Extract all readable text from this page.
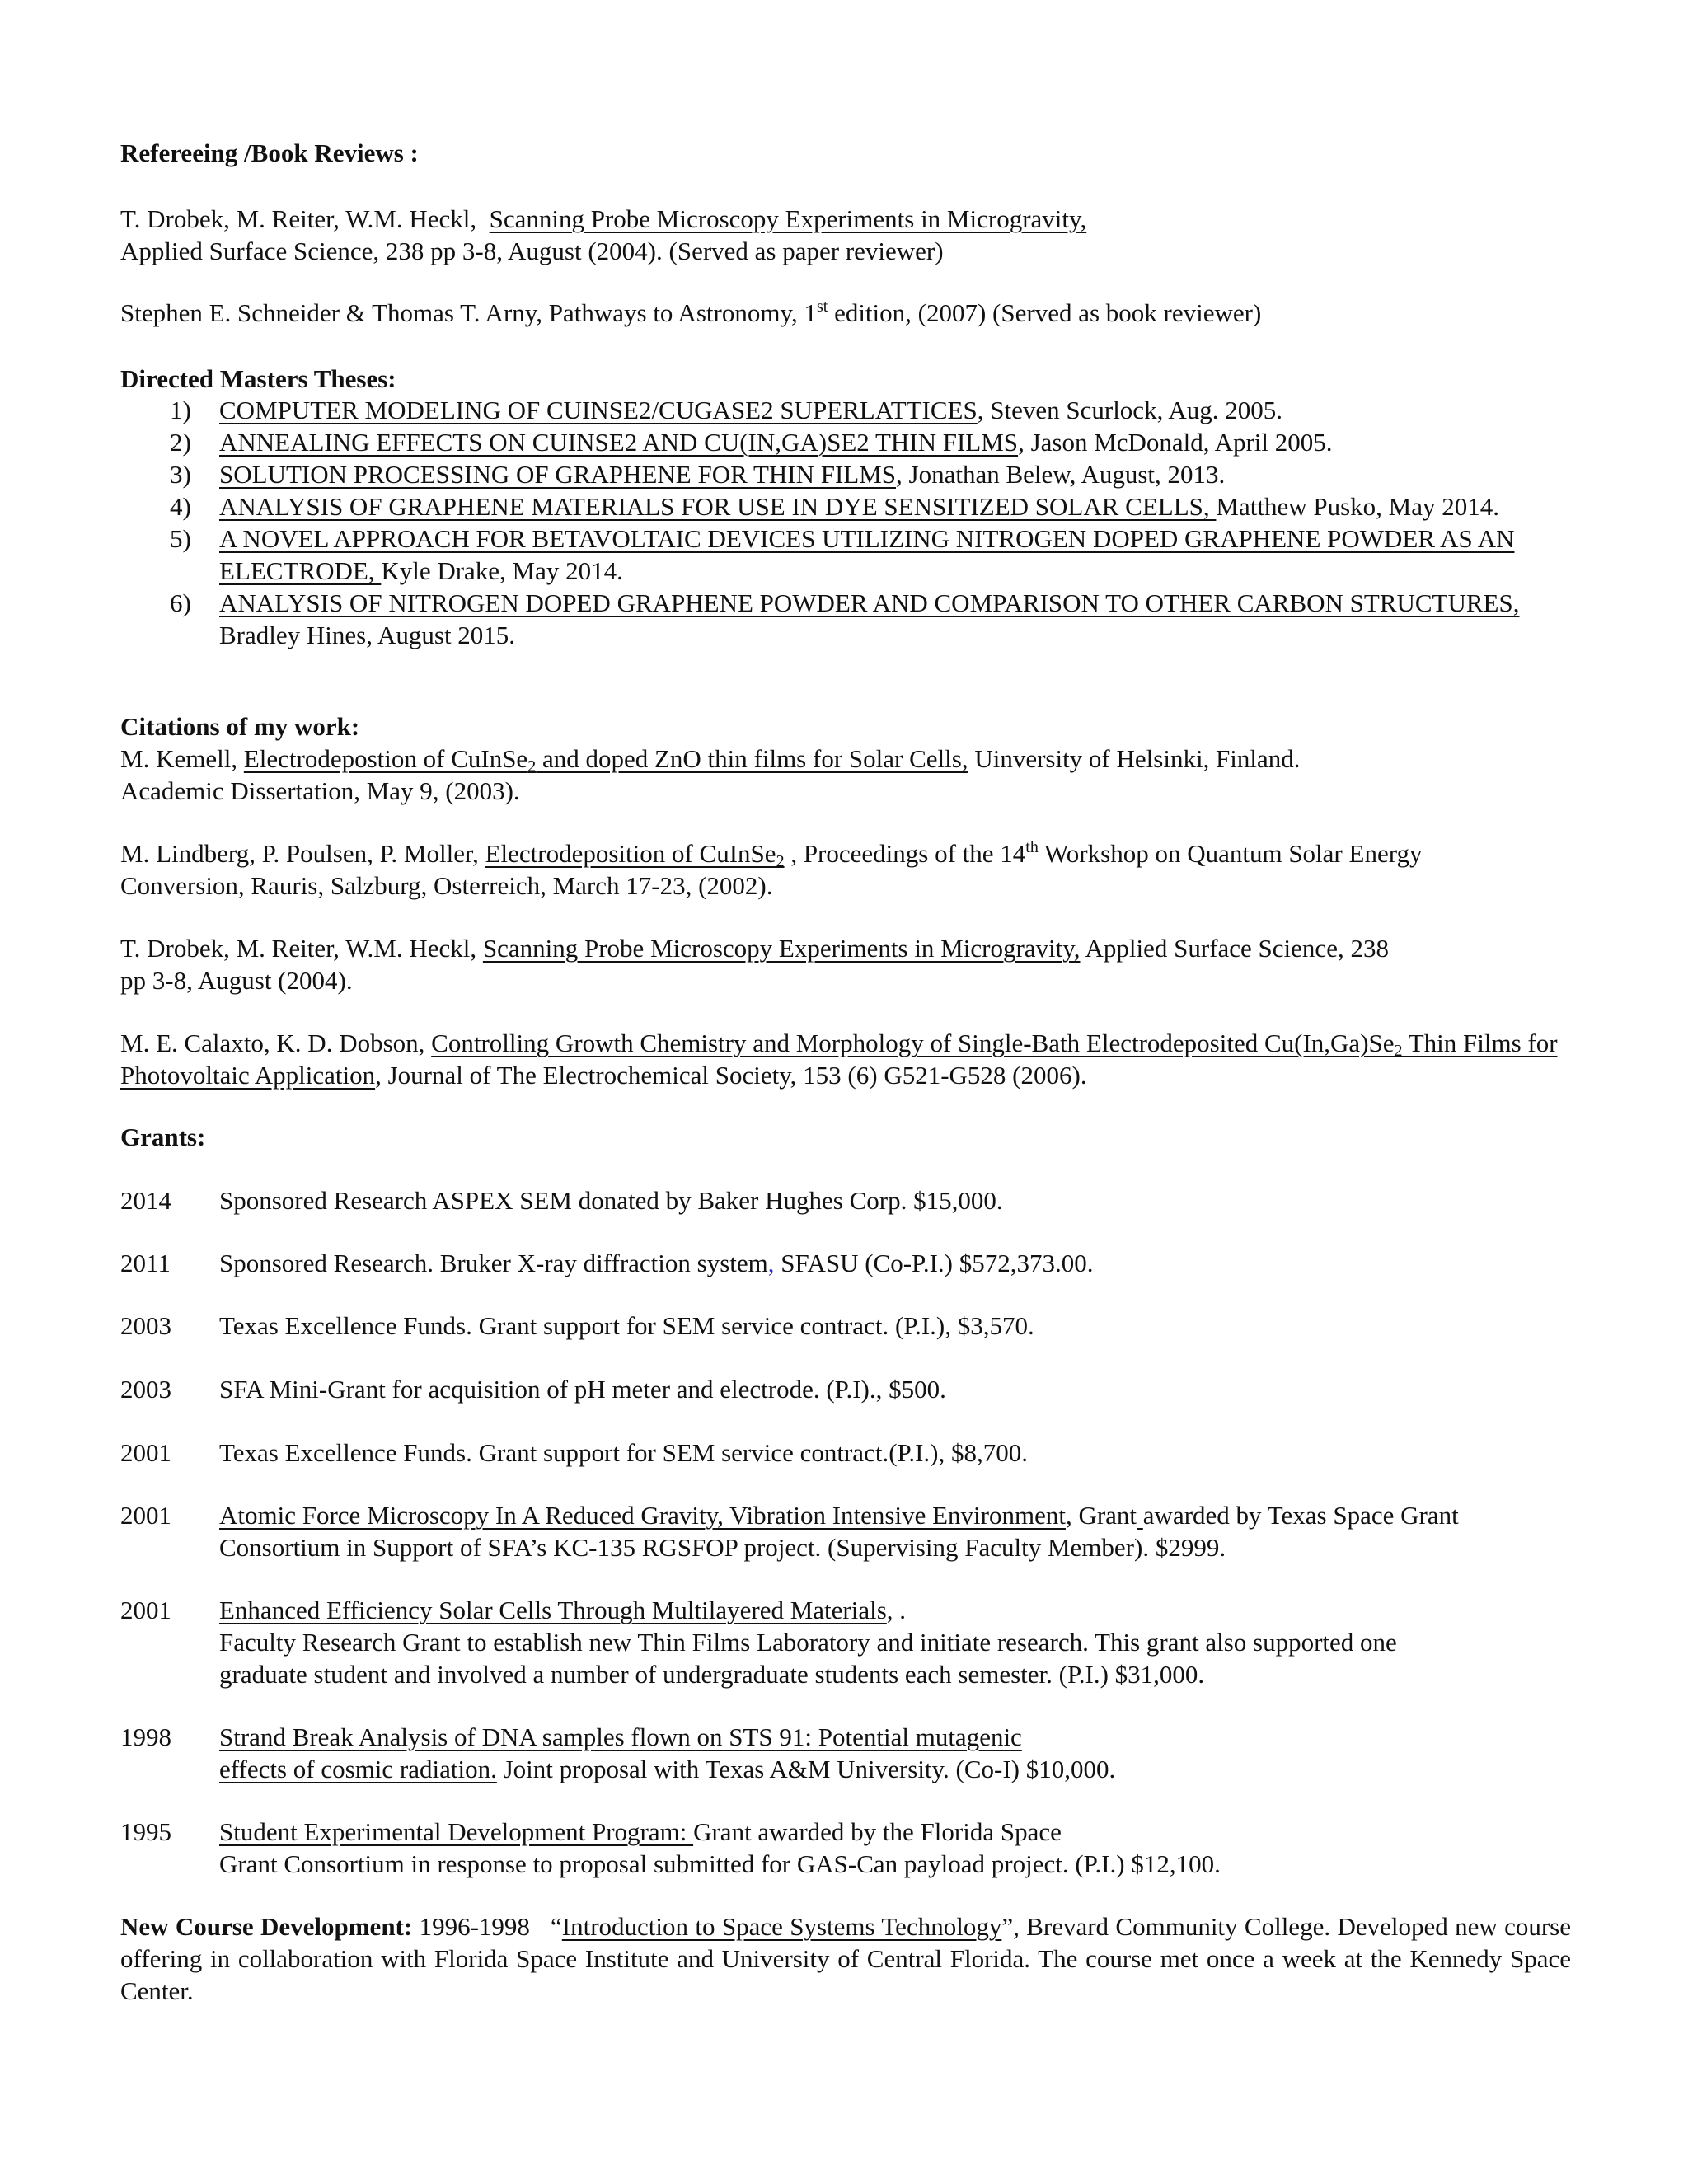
Refereeing /Book Reviews :
T. Drobek, M. Reiter, W.M. Heckl, Scanning Probe Microscopy Experiments in Microgravity,
Applied Surface Science, 238 pp 3-8, August (2004). (Served as paper reviewer)
Stephen E. Schneider & Thomas T. Arny, Pathways to Astronomy, 1st edition, (2007) (Served as book reviewer)
Directed Masters Theses:
1) COMPUTER MODELING OF CUINSE2/CUGASE2 SUPERLATTICES, Steven Scurlock, Aug. 2005.
2) ANNEALING EFFECTS ON CUINSE2 AND CU(IN,GA)SE2 THIN FILMS, Jason McDonald, April 2005.
3) SOLUTION PROCESSING OF GRAPHENE FOR THIN FILMS, Jonathan Belew, August, 2013.
4) ANALYSIS OF GRAPHENE MATERIALS FOR USE IN DYE SENSITIZED SOLAR CELLS, Matthew Pusko, May 2014.
5) A NOVEL APPROACH FOR BETAVOLTAIC DEVICES UTILIZING NITROGEN DOPED GRAPHENE POWDER AS AN ELECTRODE, Kyle Drake, May 2014.
6) ANALYSIS OF NITROGEN DOPED GRAPHENE POWDER AND COMPARISON TO OTHER CARBON STRUCTURES, Bradley Hines, August 2015.
Citations of my work:
M. Kemell, Electrodepostion of CuInSe$_2$ and doped ZnO thin films for Solar Cells, Uinversity of Helsinki, Finland.
Academic Dissertation, May 9, (2003).
M. Lindberg, P. Poulsen, P. Moller, Electrodeposition of CuInSe$_2$ , Proceedings of the 14th Workshop on Quantum Solar Energy
Conversion, Rauris, Salzburg, Osterreich, March 17-23, (2002).
T. Drobek, M. Reiter, W.M. Heckl, Scanning Probe Microscopy Experiments in Microgravity, Applied Surface Science, 238
pp 3-8, August (2004).
M. E. Calaxto, K. D. Dobson, Controlling Growth Chemistry and Morphology of Single-Bath Electrodeposited $Cu(In,Ga)Se_2$ Thin Films for Photovoltaic Application, Journal of The Electrochemical Society, 153 (6) G521-G528 (2006).
Grants:
2014 Sponsored Research ASPEX SEM donated by Baker Hughes Corp. $15,000.
2011 Sponsored Research. Bruker X-ray diffraction system, SFASU (Co-P.I.) $572,373.00.
2003 Texas Excellence Funds. Grant support for SEM service contract. (P.I.), $3,570.
2003 SFA Mini-Grant for acquisition of pH meter and electrode. (P.I)., $500.
2001 Texas Excellence Funds. Grant support for SEM service contract.(P.I.), $8,700.
2001 Atomic Force Microscopy In A Reduced Gravity, Vibration Intensive Environment, Grant awarded by Texas Space Grant
Consortium in Support of SFA’s KC-135 RGSFOP project. (Supervising Faculty Member). $2999.
2001 Enhanced Efficiency Solar Cells Through Multilayered Materials, .
Faculty Research Grant to establish new Thin Films Laboratory and initiate research. This grant also supported one
graduate student and involved a number of undergraduate students each semester. (P.I.) $31,000.
1998 Strand Break Analysis of DNA samples flown on STS 91: Potential mutagenic
effects of cosmic radiation. Joint proposal with Texas A&M University. (Co-I) $10,000.
1995 Student Experimental Development Program: Grant awarded by the Florida Space
Grant Consortium in response to proposal submitted for GAS-Can payload project. (P.I.) $12,100.
New Course Development: 1996-1998   “Introduction to Space Systems Technology”, Brevard Community College. Developed new course offering in collaboration with Florida Space Institute and University of Central Florida. The course met once a week at the Kennedy Space Center.
